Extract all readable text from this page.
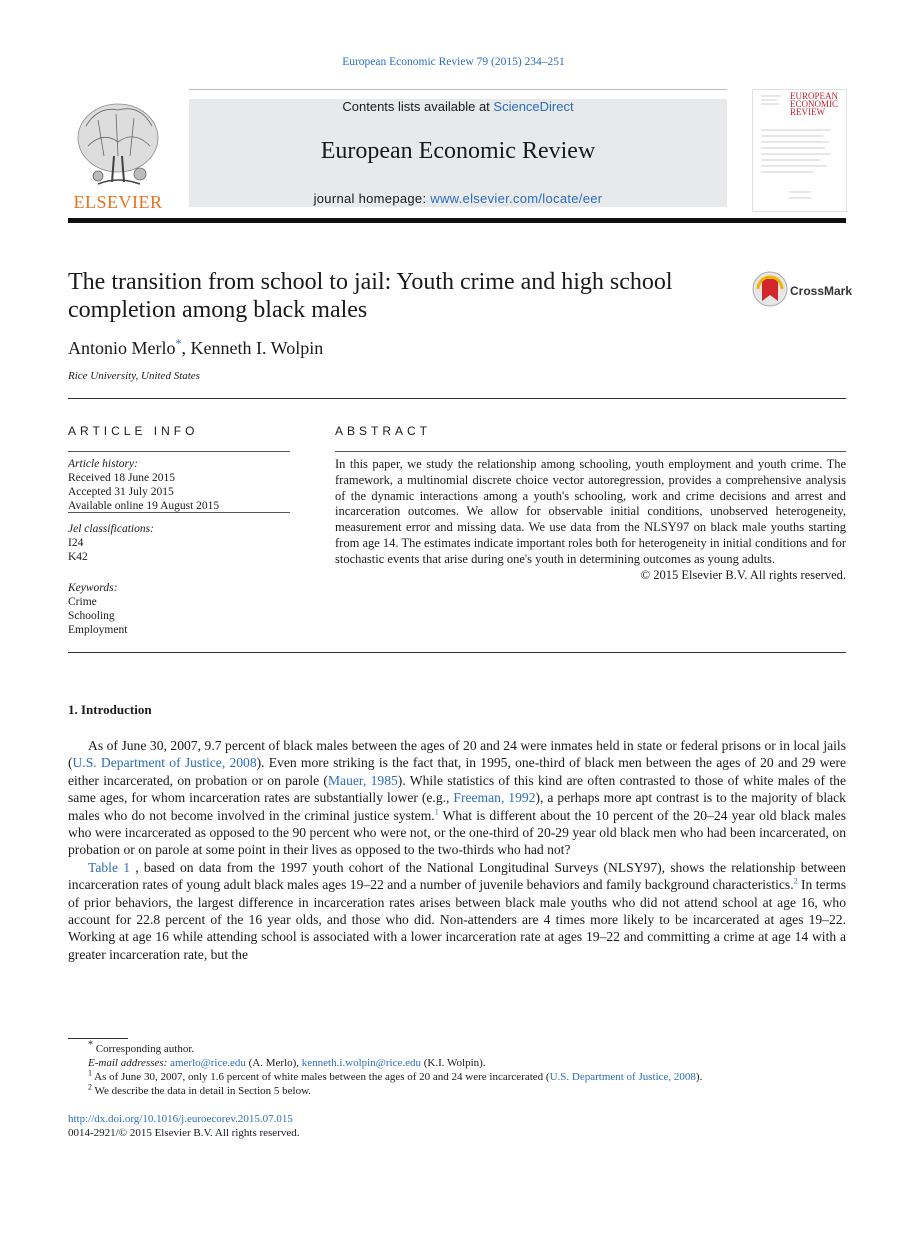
European Economic Review 79 (2015) 234–251
ELSEVIER
Contents lists available at ScienceDirect
European Economic Review
journal homepage: www.elsevier.com/locate/eer
EUROPEAN
ECONOMIC
REVIEW
The transition from school to jail: Youth crime and high school
completion among black males
CrossMark
Antonio Merlo*, Kenneth I. Wolpin
Rice University, United States
ARTICLE INFO
Article history:
Received 18 June 2015
Accepted 31 July 2015
Available online 19 August 2015
Jel classifications:
I24
K42
Keywords:
Crime
Schooling
Employment
ABSTRACT
In this paper, we study the relationship among schooling, youth employment and youth crime. The framework, a multinomial discrete choice vector autoregression, provides a comprehensive analysis of the dynamic interactions among a youth's schooling, work and crime decisions and arrest and incarceration outcomes. We allow for observable initial conditions, unobserved heterogeneity, measurement error and missing data. We use data from the NLSY97 on black male youths starting from age 14. The estimates indicate important roles both for heterogeneity in initial conditions and for stochastic events that arise during one's youth in determining outcomes as young adults.
© 2015 Elsevier B.V. All rights reserved.
1. Introduction

As of June 30, 2007, 9.7 percent of black males between the ages of 20 and 24 were inmates held in state or federal prisons or in local jails (U.S. Department of Justice, 2008). Even more striking is the fact that, in 1995, one-third of black men between the ages of 20 and 29 were either incarcerated, on probation or on parole (Mauer, 1985). While statistics of this kind are often contrasted to those of white males of the same ages, for whom incarceration rates are substantially lower (e.g., Freeman, 1992), a perhaps more apt contrast is to the majority of black males who do not become involved in the criminal justice system.$^1$ What is different about the 10 percent of the 20–24 year old black males who were incarcerated as opposed to the 90 percent who were not, or the one-third of 20-29 year old black men who had been incarcerated, on probation or on parole at some point in their lives as opposed to the two-thirds who had not?

Table 1 , based on data from the 1997 youth cohort of the National Longitudinal Surveys (NLSY97), shows the relationship between incarceration rates of young adult black males ages 19–22 and a number of juvenile behaviors and family background characteristics.$^2$ In terms of prior behaviors, the largest difference in incarceration rates arises between black male youths who did not attend school at age 16, who account for 22.8 percent of the 16 year olds, and those who did. Non-attenders are 4 times more likely to be incarcerated at ages 19–22. Working at age 16 while attending school is associated with a lower incarceration rate at ages 19–22 and committing a crime at age 14 with a greater incarceration rate, but the

* Corresponding author.
E-mail addresses: amerlo@rice.edu (A. Merlo), kenneth.i.wolpin@rice.edu (K.I. Wolpin).
$^1$ As of June 30, 2007, only 1.6 percent of white males between the ages of 20 and 24 were incarcerated (U.S. Department of Justice, 2008).
$^2$ We describe the data in detail in Section 5 below.
http://dx.doi.org/10.1016/j.euroecorev.2015.07.015
0014-2921/© 2015 Elsevier B.V. All rights reserved.
